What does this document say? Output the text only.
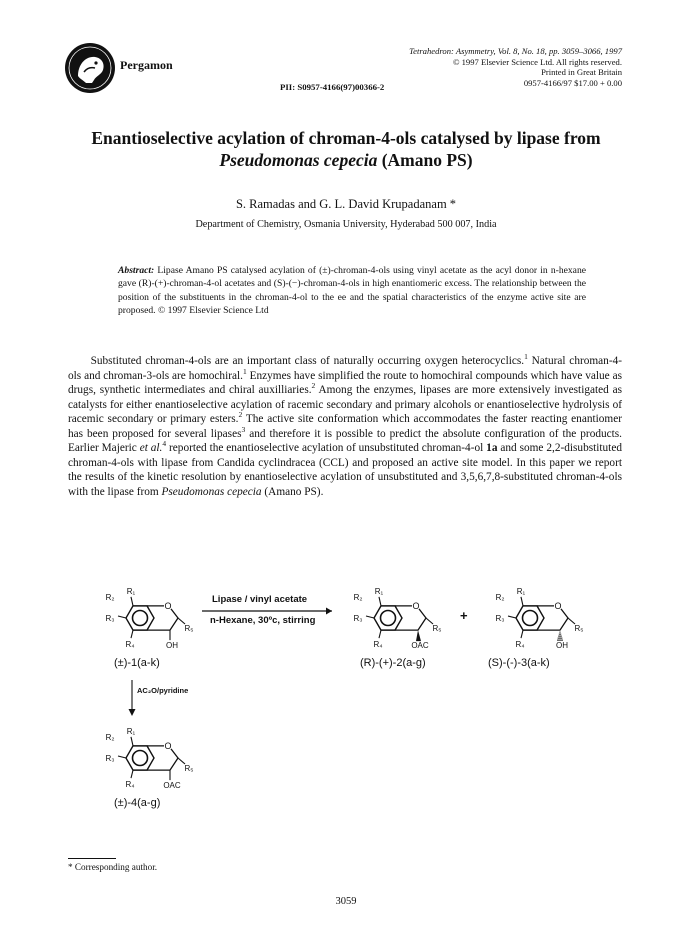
Pergamon
Tetrahedron: Asymmetry, Vol. 8, No. 18, pp. 3059–3066, 1997
© 1997 Elsevier Science Ltd. All rights reserved.
Printed in Great Britain
0957-4166/97 $17.00 + 0.00
PII: S0957-4166(97)00366-2
Enantioselective acylation of chroman-4-ols catalysed by lipase from
Pseudomonas cepecia (Amano PS)
S. Ramadas and G. L. David Krupadanam *
Department of Chemistry, Osmania University, Hyderabad 500 007, India
Abstract: Lipase Amano PS catalysed acylation of (±)-chroman-4-ols using vinyl acetate as the acyl donor in n-hexane gave (R)-(+)-chroman-4-ol acetates and (S)-(−)-chroman-4-ols in high enantiomeric excess. The relationship between the position of the substituents in the chroman-4-ol to the ee and the spatial characteristics of the enzyme active site are proposed. © 1997 Elsevier Science Ltd
  Substituted chroman-4-ols are an important class of naturally occurring oxygen heterocyclics.$^1$ Natural chroman-4-ols and chroman-3-ols are homochiral.$^1$ Enzymes have simplified the route to homochiral compounds which have value as drugs, synthetic intermediates and chiral auxilliaries.$^2$ Among the enzymes, lipases are more extensively investigated as catalysts for either enantioselective acylation of racemic secondary and primary alcohols or enantioselective hydrolysis of racemic secondary or primary esters.$^2$ The active site conformation which accommodates the faster reacting enantiomer has been proposed for several lipases$^3$ and therefore it is possible to predict the absolute configuration of the products. Earlier Majeric et al.$^4$ reported the enantioselective acylation of unsubstituted chroman-4-ol 1a and some 2,2-disubstituted chroman-4-ols with lipase from Candida cyclindracea (CCL) and proposed an active site model. In this paper we report the results of the kinetic resolution by enantioselective acylation of unsubstituted and 3,5,6,7,8-substituted chroman-4-ols with the lipase from Pseudomonas cepecia (Amano PS).
O
R₁
R₂
R₃
R₄
R₅
OH
O
R₁
R₂
R₃
R₄
R₅
OAC
O
R₁
R₂
R₃
R₄
R₅
OH
O
R₁
R₂
R₃
R₄
R₅
OAC
Lipase / vinyl acetate
n-Hexane, 30ºc, stirring	+
AC₂O/pyridine
(±)-1(a-k)	(R)-(+)-2(a-g)	(S)-(-)-3(a-k)
(±)-4(a-g)
* Corresponding author.
3059
